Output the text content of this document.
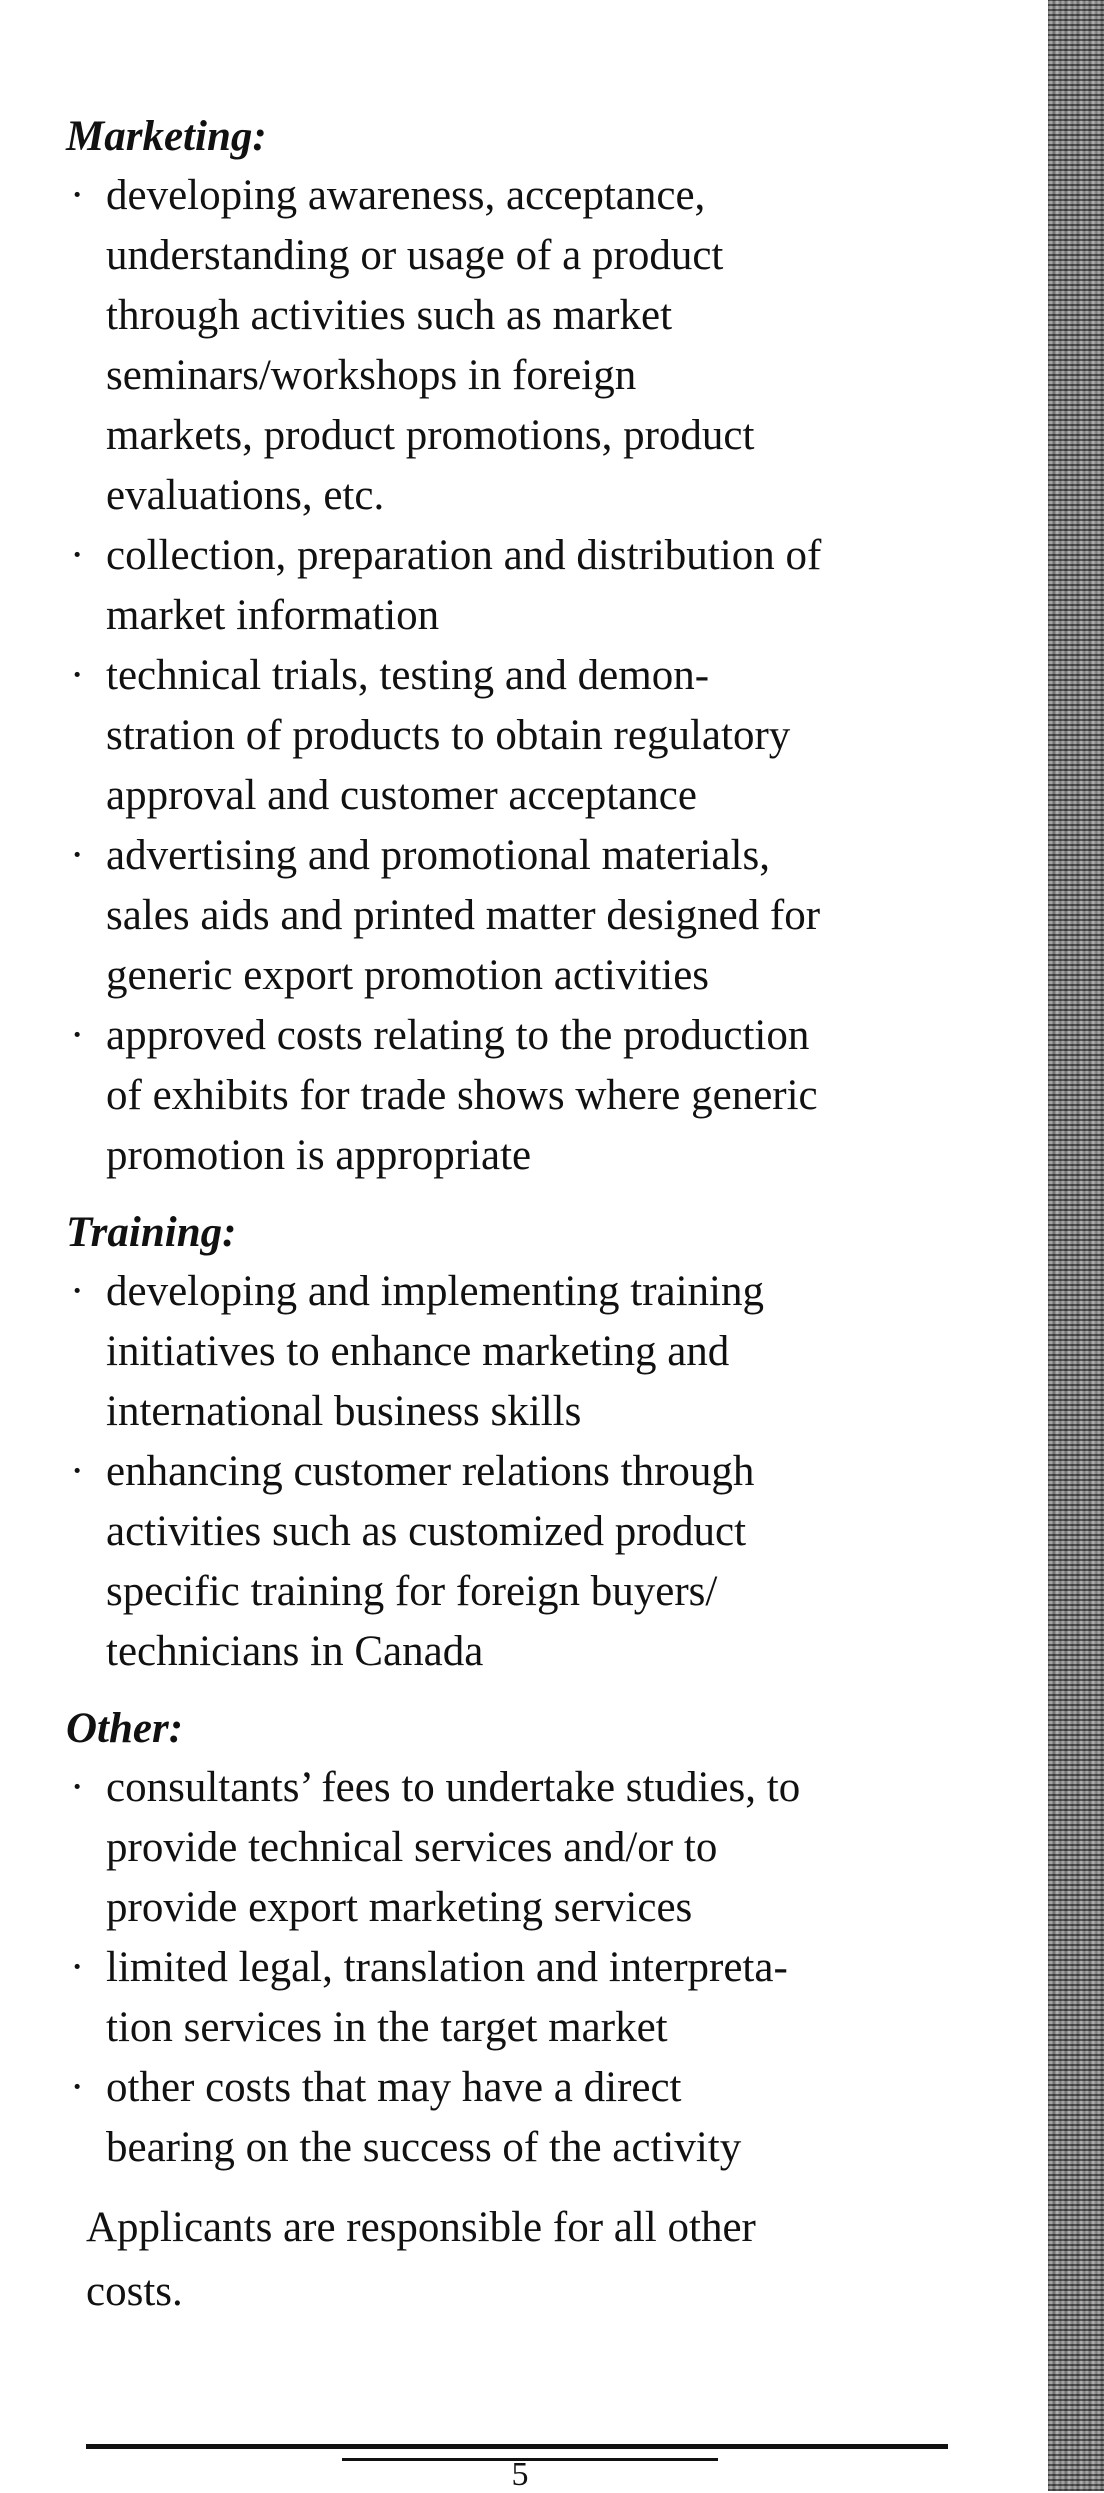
Marketing:

· developing awareness, acceptance,
understanding or usage of a product
through activities such as market
seminars/workshops in foreign
markets, product promotions, product
evaluations, etc.
· collection, preparation and distribution of
market information
· technical trials, testing and demon-
stration of products to obtain regulatory
approval and customer acceptance
· advertising and promotional materials,
sales aids and printed matter designed for
generic export promotion activities
· approved costs relating to the production
of exhibits for trade shows where generic
promotion is appropriate

Training:

· developing and implementing training
initiatives to enhance marketing and
international business skills
· enhancing customer relations through
activities such as customized product
specific training for foreign buyers/
technicians in Canada

Other:

· consultants’ fees to undertake studies, to
provide technical services and/or to
provide export marketing services
· limited legal, translation and interpreta-
tion services in the target market
· other costs that may have a direct
bearing on the success of the activity

Applicants are responsible for all other
costs.

5
